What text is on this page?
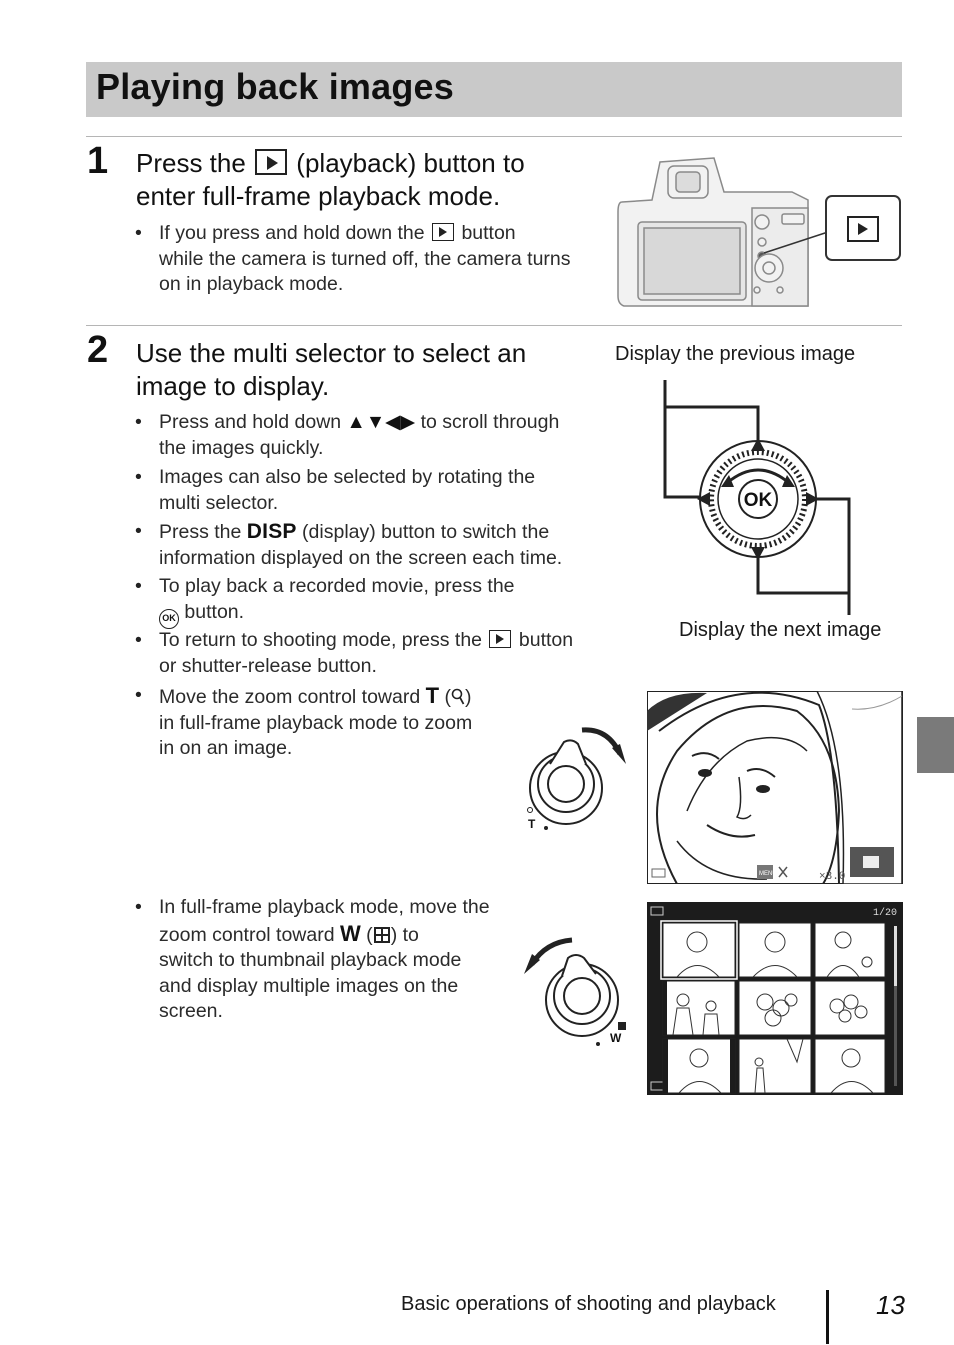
Playing back images
1 Press the (playback) button to
enter full-frame playback mode.
• If you press and hold down the button
while the camera is turned off, the camera turns
on in playback mode.
2 Use the multi selector to select an
image to display.
• Press and hold down ▲▼◀▶ to scroll through
the images quickly.
• Images can also be selected by rotating the
multi selector.
• Press the DISP (display) button to switch the
information displayed on the screen each time.
• To play back a recorded movie, press the
OK button.
• To return to shooting mode, press the button
or shutter-release button.
• Move the zoom control toward T ( )
in full-frame playback mode to zoom
in on an image.
• In full-frame playback mode, move the
zoom control toward W ( ) to
switch to thumbnail playback mode
and display multiple images on the
screen.
Display the previous image
Display the next image
OK
T
MENU	×3.0
W
1/20
Basic operations of shooting and playback	13
